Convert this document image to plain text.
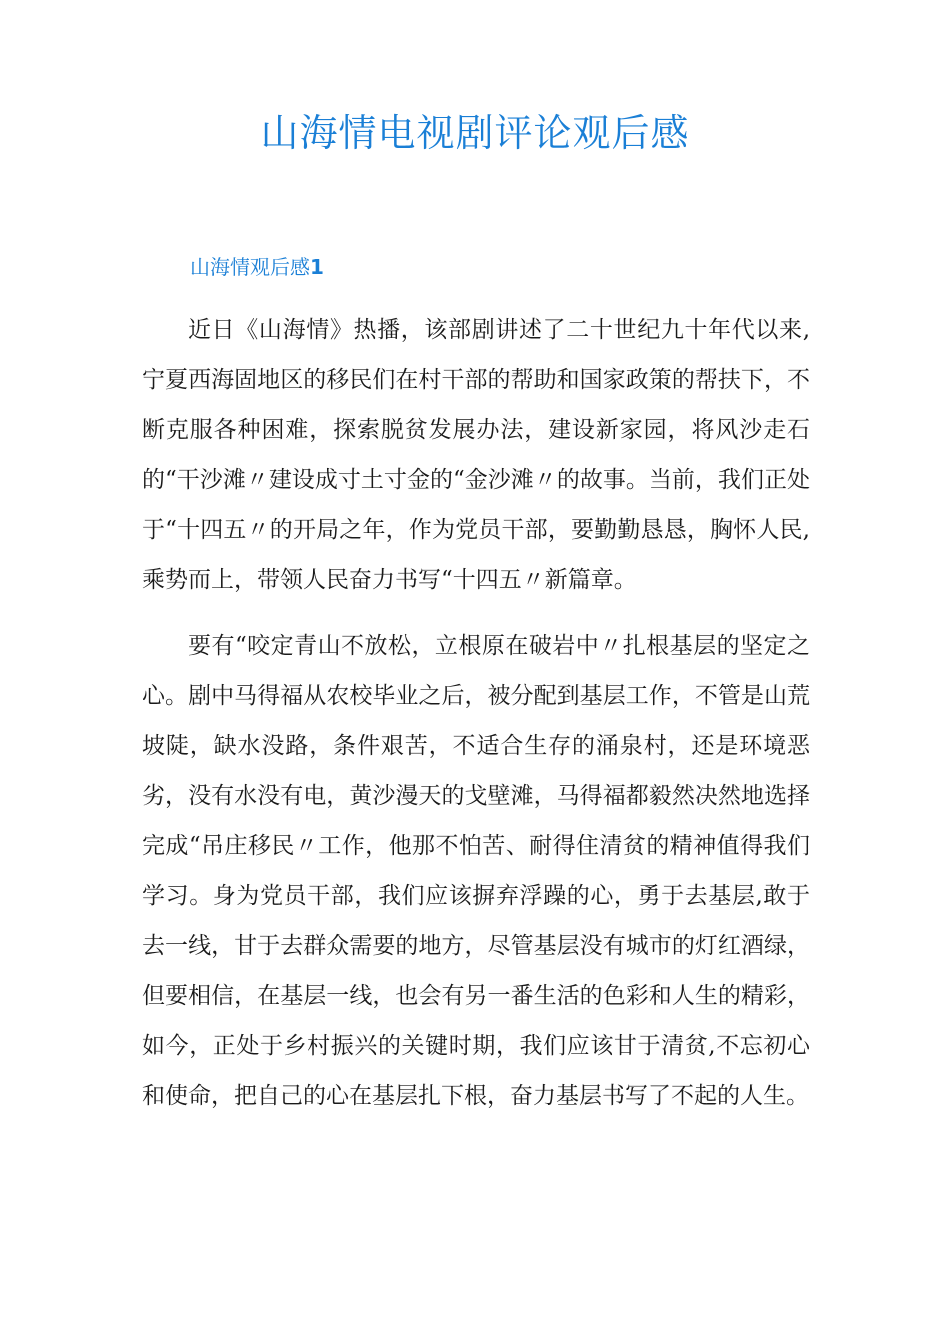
山海情电视剧评论观后感
山海情观后感1

近日《山海情》热播，该部剧讲述了二十世纪九十年代以来,宁夏西海固地区的移民们在村干部的帮助和国家政策的帮扶下，不断克服各种困难，探索脱贫发展办法，建设新家园，将风沙走石的“干沙滩〃建设成寸土寸金的“金沙滩〃的故事。当前，我们正处于“十四五〃的开局之年，作为党员干部，要勤勤恳恳，胸怀人民,乘势而上，带领人民奋力书写“十四五〃新篇章。

要有“咬定青山不放松，立根原在破岩中〃扎根基层的坚定之心。剧中马得福从农校毕业之后，被分配到基层工作，不管是山荒坡陡，缺水没路，条件艰苦，不适合生存的涌泉村，还是环境恶劣，没有水没有电，黄沙漫天的戈壁滩，马得福都毅然决然地选择完成“吊庄移民〃工作，他那不怕苦、耐得住清贫的精神值得我们学习。身为党员干部，我们应该摒弃浮躁的心，勇于去基层,敢于去一线，甘于去群众需要的地方，尽管基层没有城市的灯红酒绿，但要相信，在基层一线，也会有另一番生活的色彩和人生的精彩，如今，正处于乡村振兴的关键时期，我们应该甘于清贫,不忘初心和使命，把自己的心在基层扎下根，奋力基层书写了不起的人生。
